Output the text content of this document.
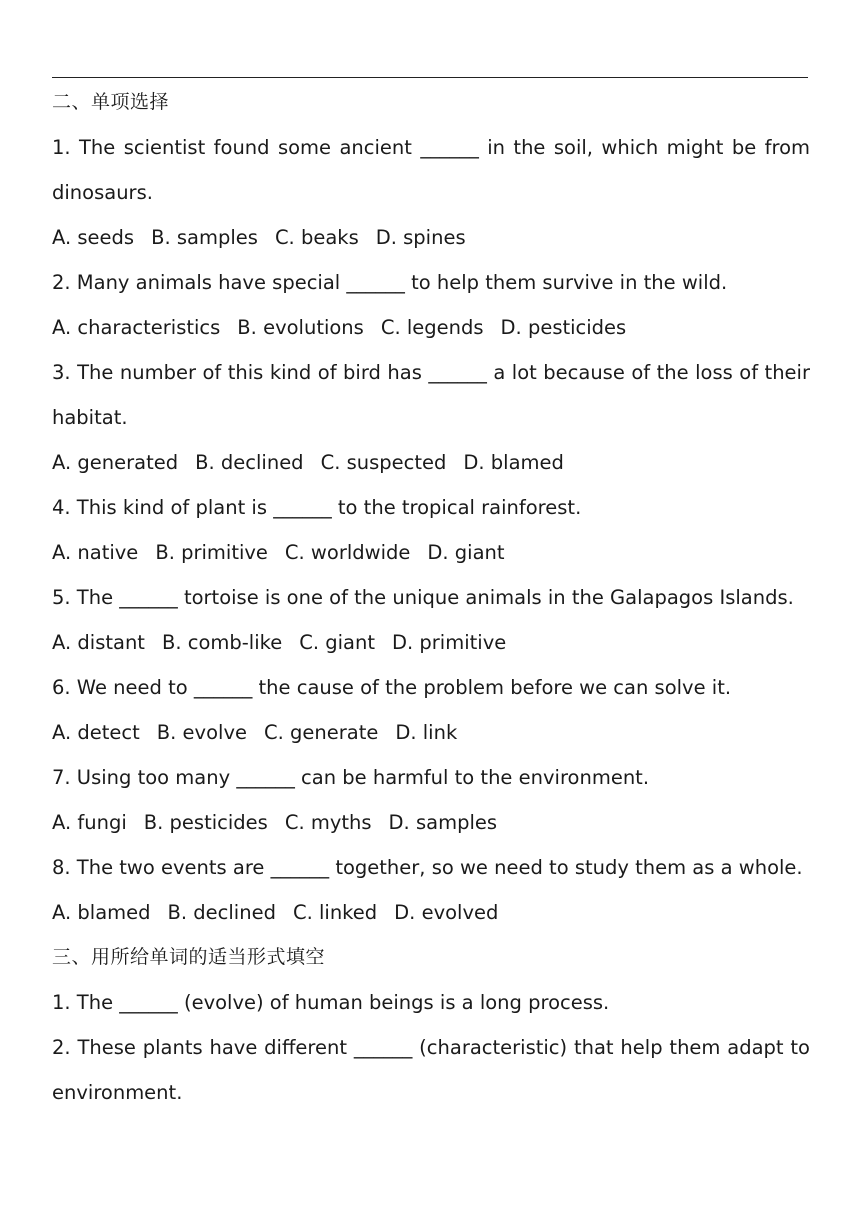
二、单项选择
1. The scientist found some ancient ______ in the soil, which might be from
dinosaurs.
A. seeds B. samples C. beaks D. spines
2. Many animals have special ______ to help them survive in the wild.
A. characteristics B. evolutions C. legends D. pesticides
3. The number of this kind of bird has ______ a lot because of the loss of their
habitat.
A. generated B. declined C. suspected D. blamed
4. This kind of plant is ______ to the tropical rainforest.
A. native B. primitive C. worldwide D. giant
5. The ______ tortoise is one of the unique animals in the Galapagos Islands.
A. distant B. comb-like C. giant D. primitive
6. We need to ______ the cause of the problem before we can solve it.
A. detect B. evolve C. generate D. link
7. Using too many ______ can be harmful to the environment.
A. fungi B. pesticides C. myths D. samples
8. The two events are ______ together, so we need to study them as a whole.
A. blamed B. declined C. linked D. evolved
三、用所给单词的适当形式填空
1. The ______ (evolve) of human beings is a long process.
2. These plants have different ______ (characteristic) that help them adapt to
environment.
